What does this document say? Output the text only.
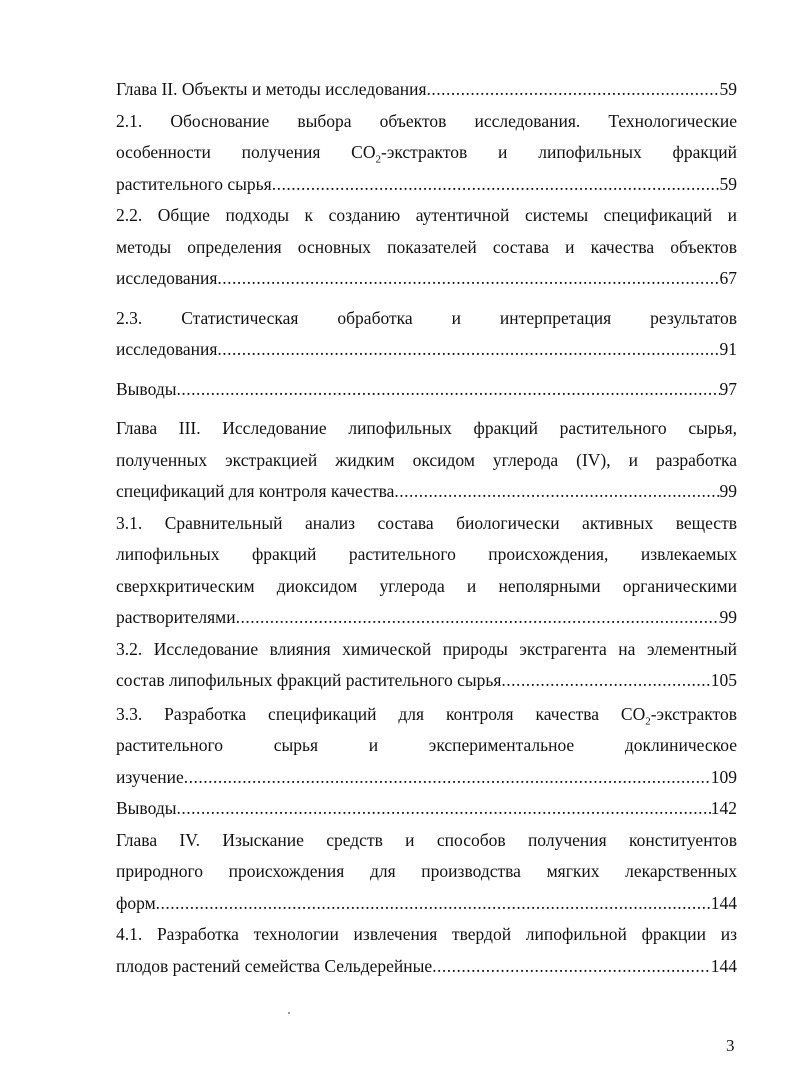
Глава II. Объекты и методы исследования .....	59

2.1. Обоснование выбора объектов исследования. Технологические

особенности получения $CO_2$-экстрактов и липофильных фракций

растительного сырья .....	59

2.2. Общие подходы к созданию аутентичной системы спецификаций и

методы определения основных показателей состава и качества объектов

исследования .....	67

2.3. Статистическая обработка и интерпретация результатов

исследования .....	91

Выводы .....	97

Глава III. Исследование липофильных фракций растительного сырья,

полученных экстракцией жидким оксидом углерода (IV), и разработка

спецификаций для контроля качества .....	99

3.1. Сравнительный анализ состава биологически активных веществ

липофильных фракций растительного происхождения, извлекаемых

сверхкритическим диоксидом углерода и неполярными органическими

растворителями .....	99

3.2. Исследование влияния химической природы экстрагента на элементный

состав липофильных фракций растительного сырья .....	105

3.3. Разработка спецификаций для контроля качества $CO_2$-экстрактов

растительного сырья и экспериментальное доклиническое

изучение .....	109

Выводы .....	142

Глава IV. Изыскание средств и способов получения конституентов

природного происхождения для производства мягких лекарственных

форм .....	144

4.1. Разработка технологии извлечения твердой липофильной фракции из

плодов растений семейства Сельдерейные .....	144

3
